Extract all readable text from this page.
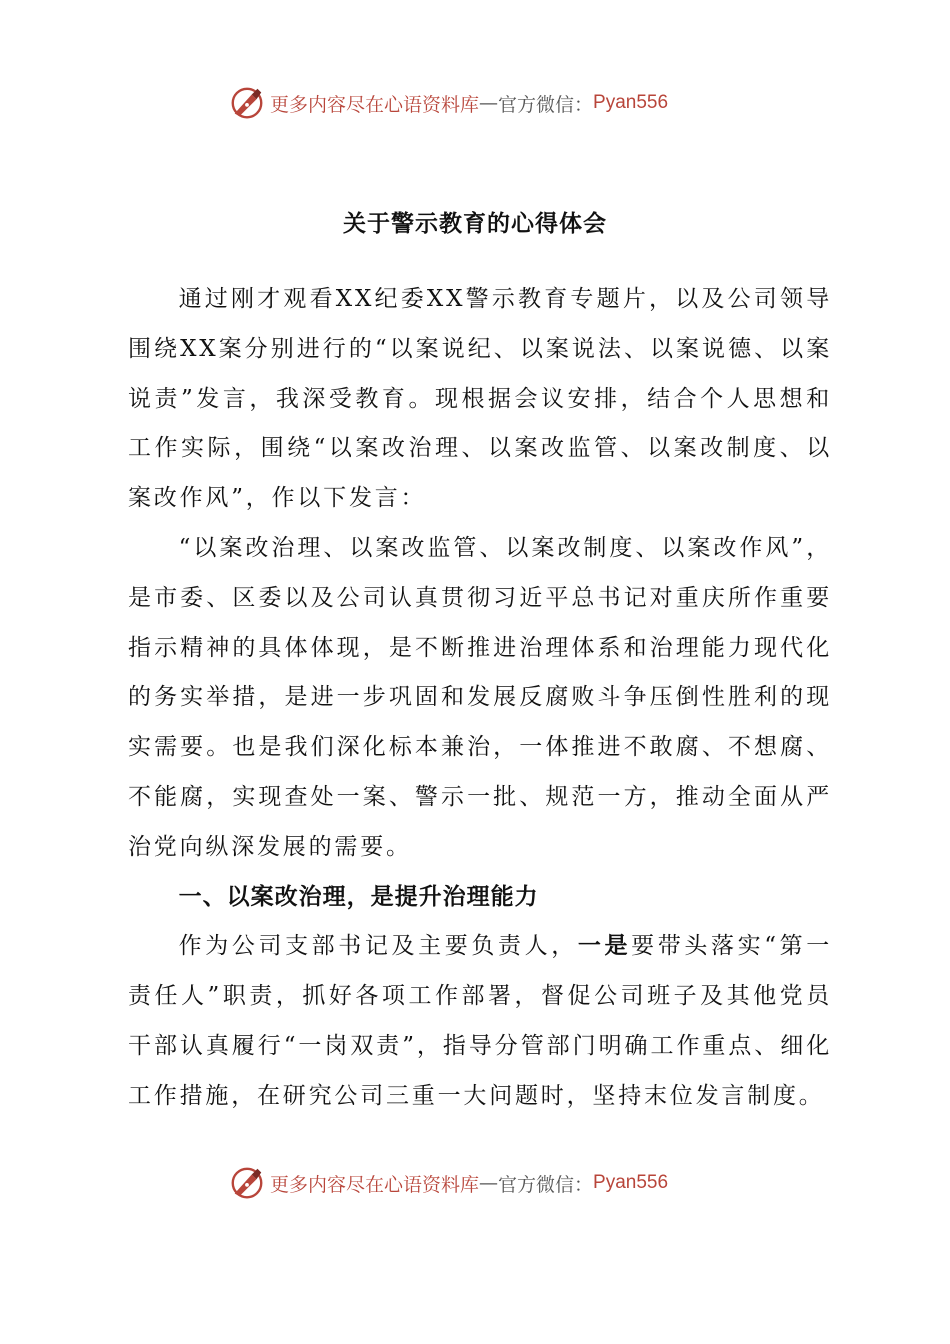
更多内容尽在心语资料库 — 官方微信： Pyan556
关于警示教育的心得体会

通过刚才观看XX纪委XX警示教育专题片，以及公司领导围绕XX案分别进行的“以案说纪、以案说法、以案说德、以案说责”发言，我深受教育。现根据会议安排，结合个人思想和工作实际，围绕“以案改治理、以案改监管、以案改制度、以案改作风”，作以下发言：

“以案改治理、以案改监管、以案改制度、以案改作风”，是市委、区委以及公司认真贯彻习近平总书记对重庆所作重要指示精神的具体体现，是不断推进治理体系和治理能力现代化的务实举措，是进一步巩固和发展反腐败斗争压倒性胜利的现实需要。也是我们深化标本兼治，一体推进不敢腐、不想腐、不能腐，实现查处一案、警示一批、规范一方，推动全面从严治党向纵深发展的需要。

一、以案改治理，是提升治理能力

作为公司支部书记及主要负责人，一是要带头落实“第一责任人”职责，抓好各项工作部署，督促公司班子及其他党员干部认真履行“一岗双责”，指导分管部门明确工作重点、细化工作措施，在研究公司三重一大问题时，坚持末位发言制度。

更多内容尽在心语资料库 — 官方微信： Pyan556
